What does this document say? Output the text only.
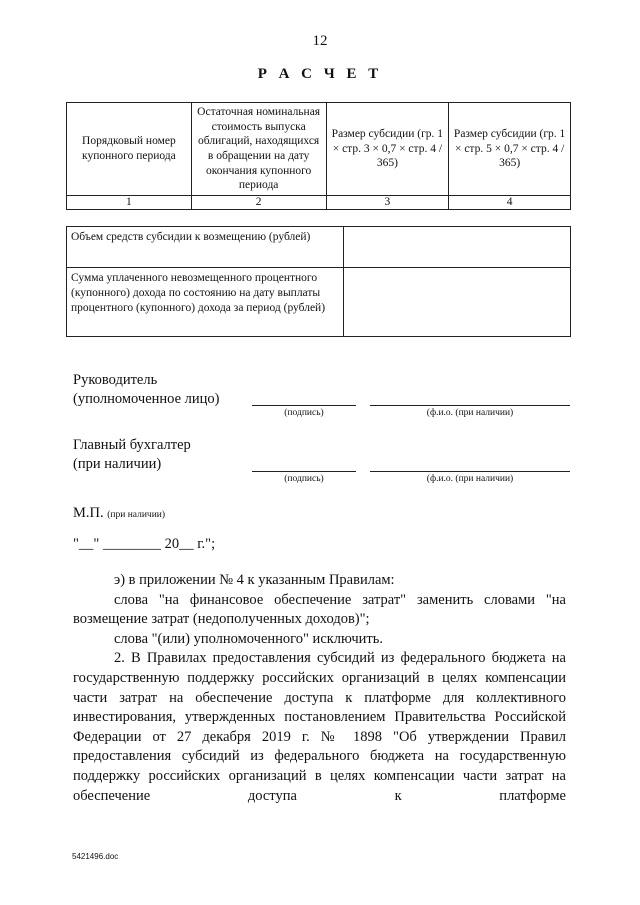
12
Р А С Ч Е Т
Порядковый номер купонного периода	Остаточная номинальная стоимость выпуска облигаций, находящихся в обращении на дату окончания купонного периода	Размер субсидии (гр. 1 × стр. 3 × 0,7 × стр. 4 / 365)	Размер субсидии (гр. 1 × стр. 5 × 0,7 × стр. 4 / 365)
1	2	3	4
Объем средств субсидии к возмещению (рублей)	
Сумма уплаченного невозмещенного процентного (купонного) дохода по состоянию на дату выплаты процентного (купонного) дохода за период (рублей)	
Руководитель
(уполномоченное лицо)
(подпись)	(ф.и.о. (при наличии)
Главный бухгалтер
(при наличии)
(подпись)	(ф.и.о. (при наличии)
М.П. (при наличии)
"__" ________ 20__ г.";

э) в приложении № 4 к указанным Правилам:

слова "на финансовое обеспечение затрат" заменить словами "на возмещение затрат (недополученных доходов)";

слова "(или) уполномоченного" исключить.

2. В Правилах предоставления субсидий из федерального бюджета на государственную поддержку российских организаций в целях компенсации части затрат на обеспечение доступа к платформе для коллективного инвестирования, утвержденных постановлением Правительства Российской Федерации от 27 декабря 2019 г. № 1898 "Об утверждении Правил предоставления субсидий из федерального бюджета на государственную поддержку российских организаций в целях компенсации части затрат на обеспечение доступа к платформе

5421496.doc
